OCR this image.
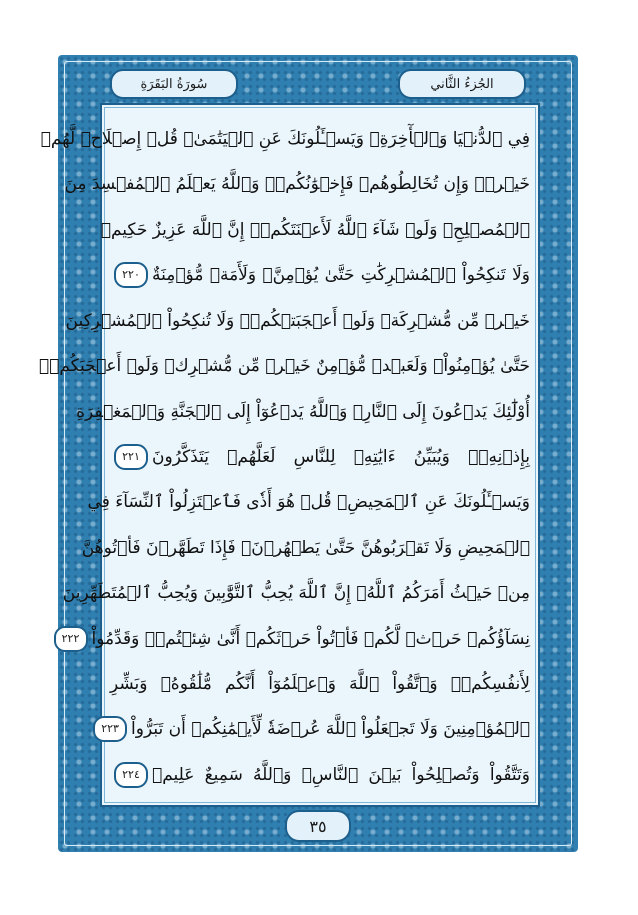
سُورَةُ البَقَرَةِ	الجُزءُ الثَّاني
فِي ٱلدُّنۡيَا وَٱلۡأٓخِرَةِۗ وَيَسۡـَٔلُونَكَ عَنِ ٱلۡيَتَٰمَىٰۖ قُلۡ إِصۡلَاحٞ لَّهُمۡ
خَيۡرٞۖ وَإِن تُخَالِطُوهُمۡ فَإِخۡوَٰنُكُمۡۚ وَٱللَّهُ يَعۡلَمُ ٱلۡمُفۡسِدَ مِنَ
ٱلۡمُصۡلِحِۚ وَلَوۡ شَآءَ ٱللَّهُ لَأَعۡنَتَكُمۡۚ إِنَّ ٱللَّهَ عَزِيزٌ حَكِيمٞ
وَلَا تَنكِحُواْ ٱلۡمُشۡرِكَٰتِ حَتَّىٰ يُؤۡمِنَّۚ وَلَأَمَةٞ مُّؤۡمِنَةٌ
٢٢٠
خَيۡرٞ مِّن مُّشۡرِكَةٖ وَلَوۡ أَعۡجَبَتۡكُمۡۗ وَلَا تُنكِحُواْ ٱلۡمُشۡرِكِينَ
حَتَّىٰ يُؤۡمِنُواْۚ وَلَعَبۡدٞ مُّؤۡمِنٌ خَيۡرٞ مِّن مُّشۡرِكٖ وَلَوۡ أَعۡجَبَكُمۡۗ
أُوْلَٰٓئِكَ يَدۡعُونَ إِلَى ٱلنَّارِۖ وَٱللَّهُ يَدۡعُوٓاْ إِلَى ٱلۡجَنَّةِ وَٱلۡمَغۡفِرَةِ
بِإِذۡنِهِۦۖ وَيُبَيِّنُ ءَايَٰتِهِۦ لِلنَّاسِ لَعَلَّهُمۡ يَتَذَكَّرُونَ
٢٢١
وَيَسۡـَٔلُونَكَ عَنِ ٱلۡمَحِيضِۖ قُلۡ هُوَ أَذٗى فَٱعۡتَزِلُواْ ٱلنِّسَآءَ فِي
ٱلۡمَحِيضِ وَلَا تَقۡرَبُوهُنَّ حَتَّىٰ يَطۡهُرۡنَۖ فَإِذَا تَطَهَّرۡنَ فَأۡتُوهُنَّ
مِنۡ حَيۡثُ أَمَرَكُمُ ٱللَّهُۚ إِنَّ ٱللَّهَ يُحِبُّ ٱلتَّوَّٰبِينَ وَيُحِبُّ ٱلۡمُتَطَهِّرِينَ
نِسَآؤُكُمۡ حَرۡثٞ لَّكُمۡ فَأۡتُواْ حَرۡثَكُمۡ أَنَّىٰ شِئۡتُمۡۖ وَقَدِّمُواْ
٢٢٢
لِأَنفُسِكُمۡۚ وَٱتَّقُواْ ٱللَّهَ وَٱعۡلَمُوٓاْ أَنَّكُم مُّلَٰقُوهُۗ وَبَشِّرِ
ٱلۡمُؤۡمِنِينَ وَلَا تَجۡعَلُواْ ٱللَّهَ عُرۡضَةٗ لِّأَيۡمَٰنِكُمۡ أَن تَبَرُّواْ
٢٢٣
وَتَتَّقُواْ وَتُصۡلِحُواْ بَيۡنَ ٱلنَّاسِۚ وَٱللَّهُ سَمِيعٌ عَلِيمٞ
٢٢٤
٣٥
